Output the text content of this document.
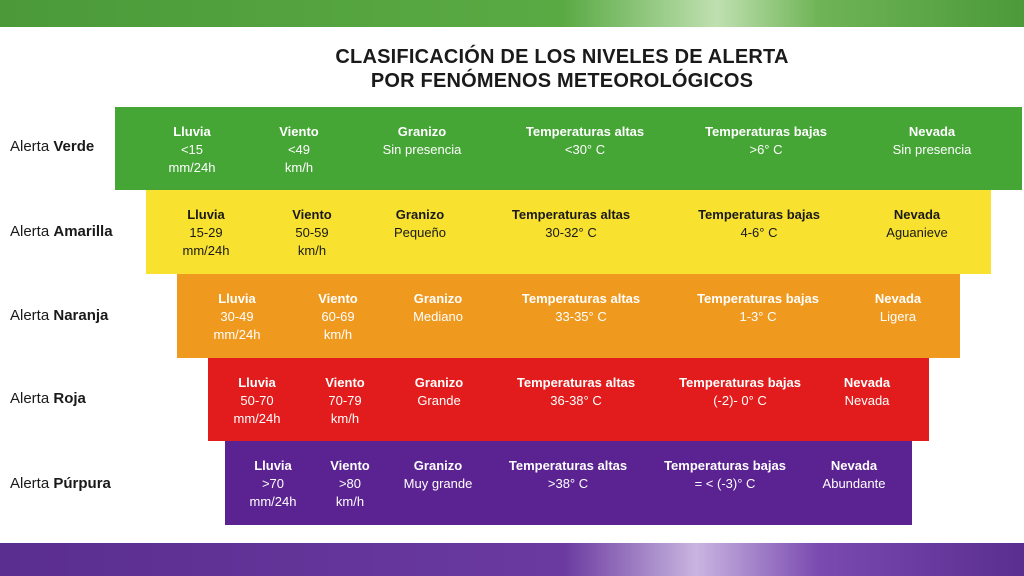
CLASIFICACIÓN DE LOS NIVELES DE ALERTA
POR FENÓMENOS METEOROLÓGICOS
Alerta Verde
Alerta Amarilla
Alerta Naranja
Alerta Roja
Alerta Púrpura
Lluvia
<15
mm/24h
Viento
<49
km/h
Granizo
Sin presencia
Temperaturas altas
<30° C
Temperaturas bajas
>6° C
Nevada
Sin presencia
Lluvia
15-29
mm/24h
Viento
50-59
km/h
Granizo
Pequeño
Temperaturas altas
30-32° C
Temperaturas bajas
4-6° C
Nevada
Aguanieve
Lluvia
30-49
mm/24h
Viento
60-69
km/h
Granizo
Mediano
Temperaturas altas
33-35° C
Temperaturas bajas
1-3° C
Nevada
Ligera
Lluvia
50-70
mm/24h
Viento
70-79
km/h
Granizo
Grande
Temperaturas altas
36-38° C
Temperaturas bajas
(-2)- 0° C
Nevada
Nevada
Lluvia
>70
mm/24h
Viento
>80
km/h
Granizo
Muy grande
Temperaturas altas
>38° C
Temperaturas bajas
= < (-3)° C
Nevada
Abundante
